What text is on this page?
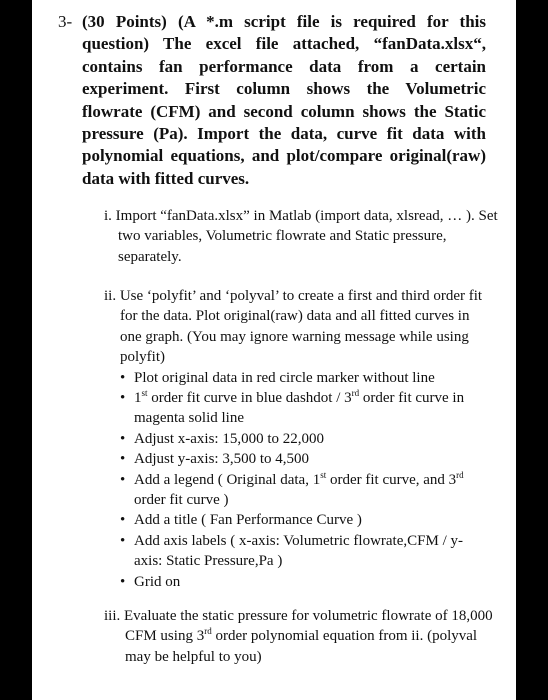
3- (30 Points) (A *.m script file is required for this question) The excel file attached, “fanData.xlsx“, contains fan performance data from a certain experiment. First column shows the Volumetric flowrate (CFM) and second column shows the Static pressure (Pa). Import the data, curve fit data with polynomial equations, and plot/compare original(raw) data with fitted curves.
i. Import “fanData.xlsx” in Matlab (import data, xlsread, … ). Set two variables, Volumetric flowrate and Static pressure, separately.
ii. Use ‘polyfit’ and ‘polyval’ to create a first and third order fit for the data. Plot original(raw) data and all fitted curves in one graph. (You may ignore warning message while using polyfit)
• Plot original data in red circle marker without line
• 1st order fit curve in blue dashdot / 3rd order fit curve in magenta solid line
• Adjust x-axis: 15,000 to 22,000
• Adjust y-axis: 3,500 to 4,500
• Add a legend ( Original data, 1st order fit curve, and 3rd order fit curve )
• Add a title ( Fan Performance Curve )
• Add axis labels ( x-axis: Volumetric flowrate,CFM / y-axis: Static Pressure,Pa )
• Grid on
iii. Evaluate the static pressure for volumetric flowrate of 18,000 CFM using 3rd order polynomial equation from ii. (polyval may be helpful to you)
